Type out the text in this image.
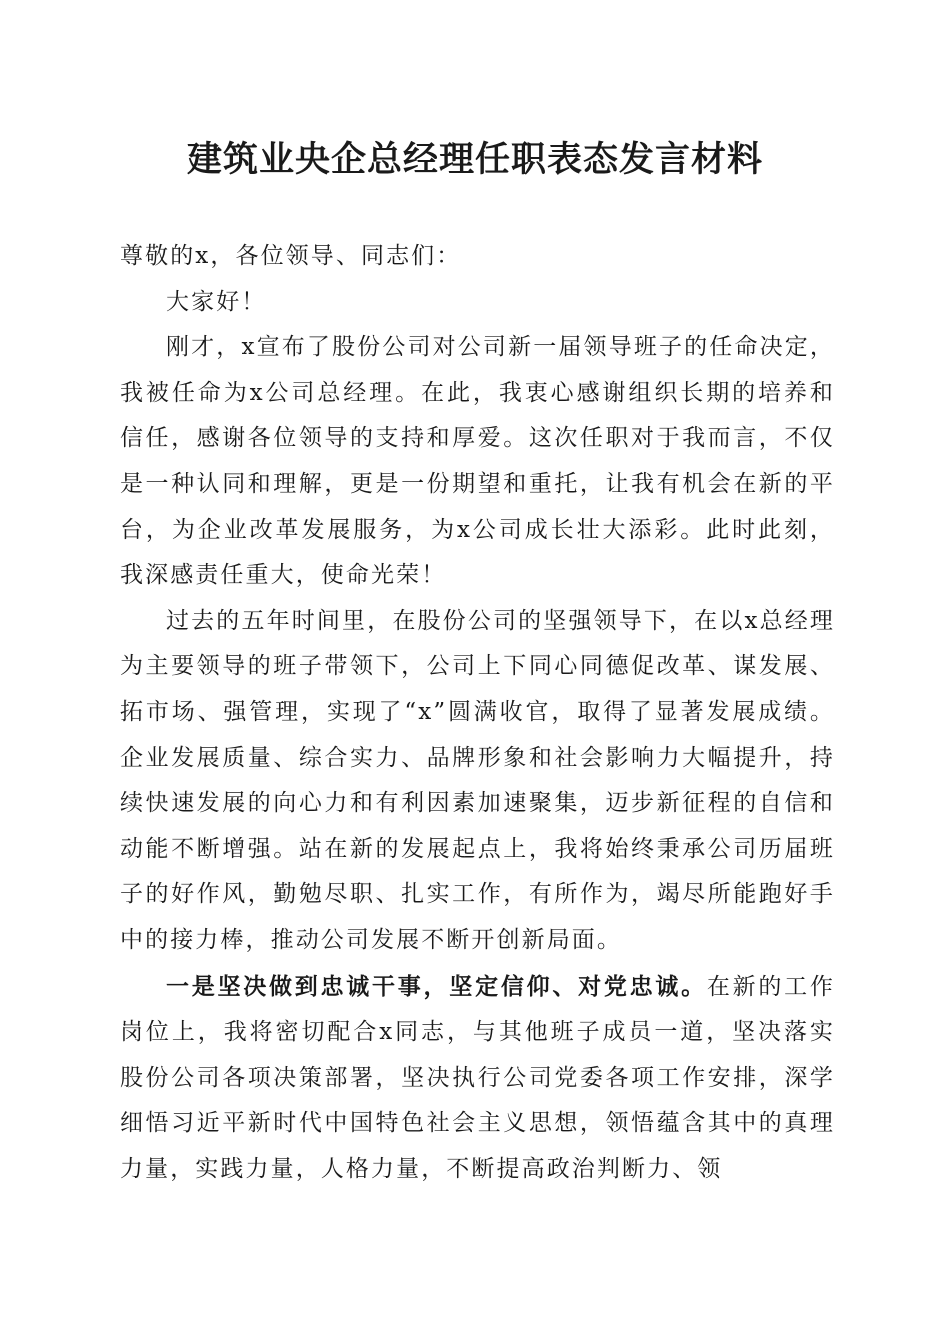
建筑业央企总经理任职表态发言材料

尊敬的x，各位领导、同志们：

大家好！

刚才，x宣布了股份公司对公司新一届领导班子的任命决定，我被任命为x公司总经理。在此，我衷心感谢组织长期的培养和信任，感谢各位领导的支持和厚爱。这次任职对于我而言，不仅是一种认同和理解，更是一份期望和重托，让我有机会在新的平台，为企业改革发展服务，为x公司成长壮大添彩。此时此刻，我深感责任重大，使命光荣！

过去的五年时间里，在股份公司的坚强领导下，在以x总经理为主要领导的班子带领下，公司上下同心同德促改革、谋发展、拓市场、强管理，实现了“x”圆满收官，取得了显著发展成绩。企业发展质量、综合实力、品牌形象和社会影响力大幅提升，持续快速发展的向心力和有利因素加速聚集，迈步新征程的自信和动能不断增强。站在新的发展起点上，我将始终秉承公司历届班子的好作风，勤勉尽职、扎实工作，有所作为，竭尽所能跑好手中的接力棒，推动公司发展不断开创新局面。

一是坚决做到忠诚干事，坚定信仰、对党忠诚。在新的工作岗位上，我将密切配合x同志，与其他班子成员一道，坚决落实股份公司各项决策部署，坚决执行公司党委各项工作安排，深学细悟习近平新时代中国特色社会主义思想，领悟蕴含其中的真理力量，实践力量，人格力量，不断提高政治判断力、领
